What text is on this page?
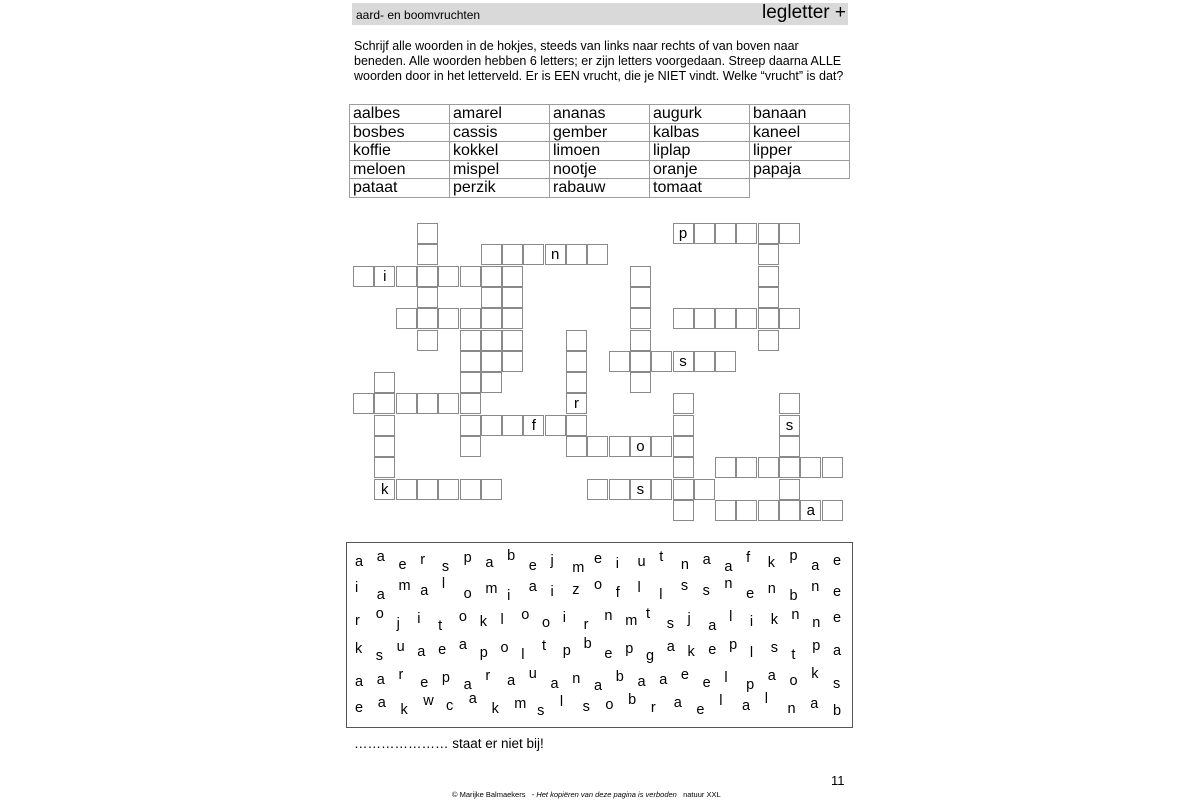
aard- en boomvruchten	legletter +

Schrijf alle woorden in de hokjes, steeds van links naar rechts of van boven naar beneden. Alle woorden hebben 6 letters; er zijn letters voorgedaan. Streep daarna ALLE woorden door in het letterveld. Er is EEN vrucht, die je NIET vindt. Welke “vrucht” is dat?

aalbes	amarel	ananas	augurk	banaan
bosbes	cassis	gember	kalbas	kaneel
koffie	kokkel	limoen	liplap	lipper
meloen	mispel	nootje	oranje	papaja
pataat	perzik	rabauw	tomaat	
n
i
p
r
s
f
k
o
s
s
a
a a e r s
p a b
e j m
e i u t n a a
f k p
a e
i a
m a l
o m i
a i z o f l l
s s n
e n b
n e
r o
j i t
o k l o o i r
n m t
s j a
l i k n n e
k s
u a e a p o l
t p b
e p g
a k e p l s t
p a
a a r e p a
r a u
a n a
b a a e e l p
a o k
s
e a k
w c a
k m s
l s o b r a e
l a l
n a b
………………… staat er niet bij!
11
© Marijke Balmaekers - Het kopiëren van deze pagina is verboden natuur XXL
